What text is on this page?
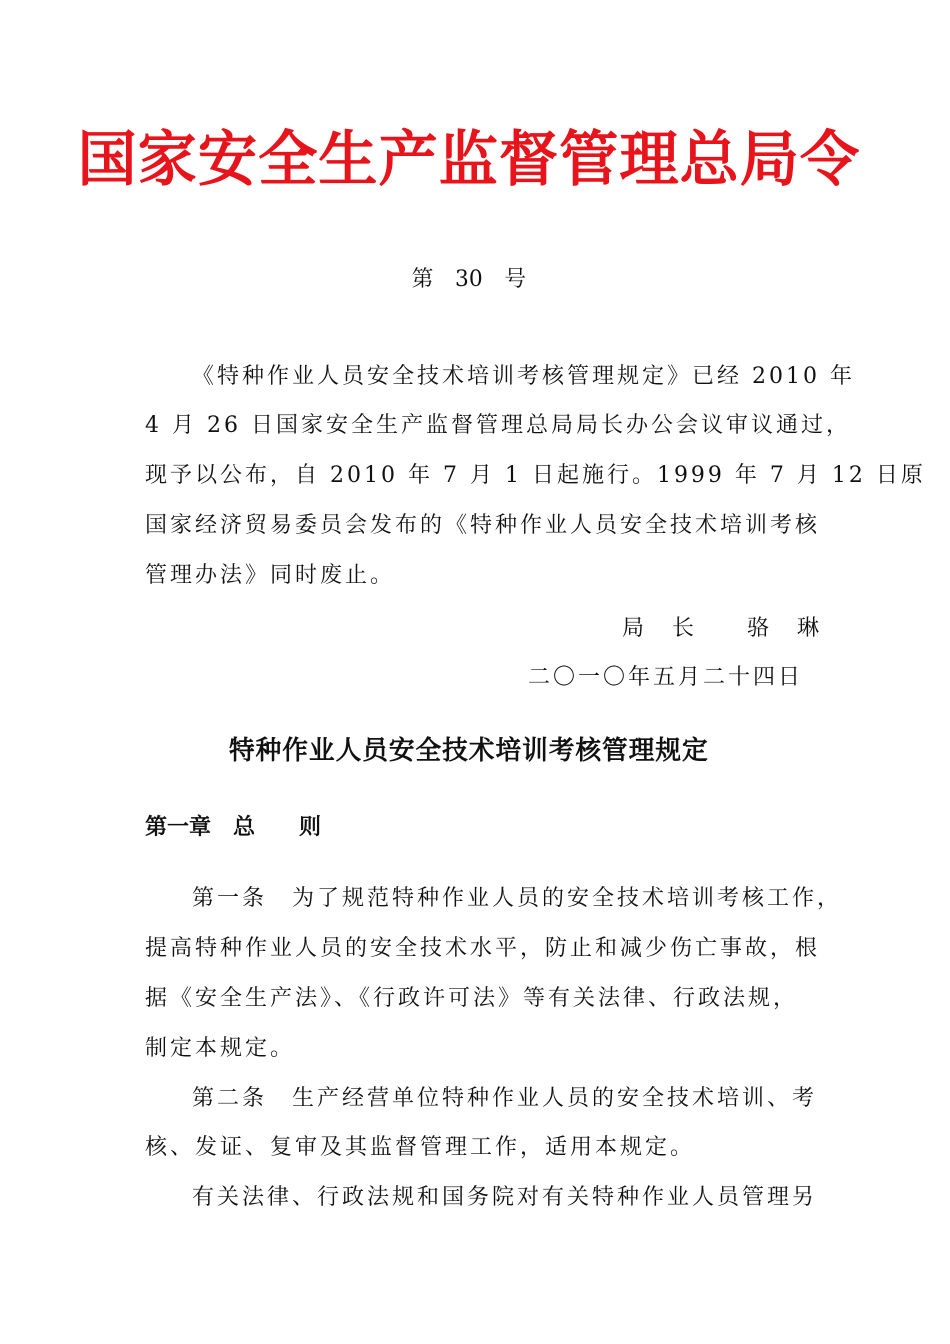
国家安全生产监督管理总局令
第　30　号
《特种作业人员安全技术培训考核管理规定》已经 2010 年
4 月 26 日国家安全生产监督管理总局局长办公会议审议通过，
现予以公布，自 2010 年 7 月 1 日起施行。1999 年 7 月 12 日原
国家经济贸易委员会发布的《特种作业人员安全技术培训考核
管理办法》同时废止。
局　长　　骆　琳
二〇一〇年五月二十四日
特种作业人员安全技术培训考核管理规定
第一章　总　　则
第一条　为了规范特种作业人员的安全技术培训考核工作，
提高特种作业人员的安全技术水平，防止和减少伤亡事故，根
据《安全生产法》、《行政许可法》等有关法律、行政法规，
制定本规定。
第二条　生产经营单位特种作业人员的安全技术培训、考
核、发证、复审及其监督管理工作，适用本规定。
有关法律、行政法规和国务院对有关特种作业人员管理另
